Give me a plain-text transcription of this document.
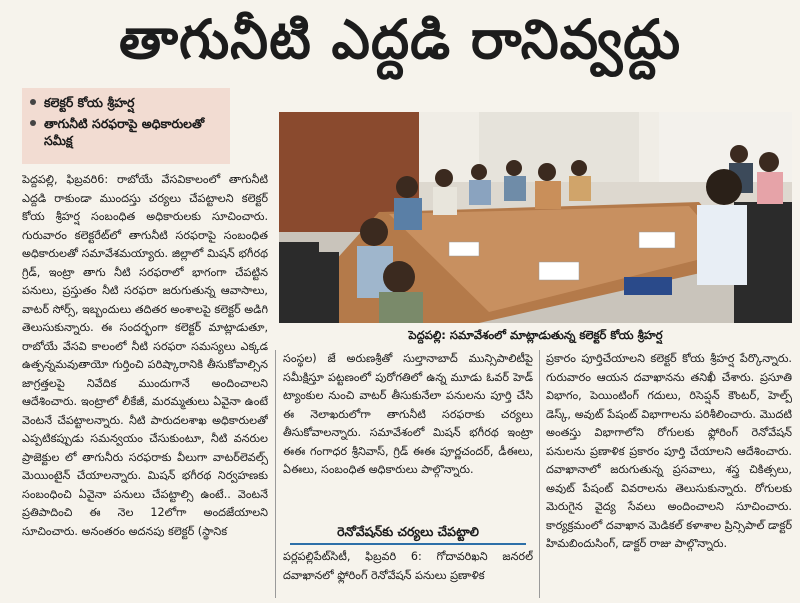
తాగునీటి ఎద్దడి రానివ్వద్దు
కలెక్టర్ కోయ శ్రీహర్ష
తాగునీటి సరఫరాపై అధికారులతో సమీక్ష
పెద్దపల్లి, ఫిబ్రవరి6: రాబోయే వేసవికాలంలో తాగునీటి ఎద్దడి రాకుండా ముందస్తు చర్యలు చేపట్టాలని కలెక్టర్ కోయ శ్రీహర్ష సంబంధిత అధికారులకు సూచించారు. గురువారం కలెక్టరేట్‌లో తాగునీటి సరఫరాపై సంబంధిత అధికారులతో సమావేశమయ్యారు. జిల్లాలో మిషన్ భగీరథ గ్రిడ్, ఇంట్రా తాగు నీటి సరఫరాలో భాగంగా చేపట్టిన పనులు, ప్రస్తుతం నీటి సరఫరా జరుగుతున్న ఆవాసాలు, వాటర్ సోర్స్, ఇబ్బందులు తదితర అంశాలపై కలెక్టర్ అడిగి తెలుసుకున్నారు. ఈ సందర్భంగా కలెక్టర్ మాట్లాడుతూ, రాబోయే వేసవి కాలంలో నీటి సరఫరా సమస్యలు ఎక్కడ ఉత్పన్నమవుతాయో గుర్తించి పరిష్కారానికి తీసుకోవాల్సిన జాగ్రత్తలపై నివేదిక ముందుగానే అందించాలని ఆదేశించారు. ఇంట్రాలో లీకేజీ, మరమ్మతులు ఏవైనా ఉంటే వెంటనే చేపట్టాలన్నారు. నీటి పారుదలశాఖ అధికారులతో ఎప్పటికప్పుడు సమన్వయం చేసుకుంటూ, నీటి వనరుల ప్రాజెక్టుల లో తాగునీరు సరఫరాకు వీలుగా వాటర్‌లెవల్స్ మెయింటైన్ చేయాలన్నారు. మిషన్ భగీరథ నిర్వహణకు సంబంధించి ఏవైనా పనులు చేపట్టాల్సి ఉంటే.. వెంటనే ప్రతిపాదించి ఈ నెల 12లోగా అందజేయాలని సూచించారు. అనంతరం అదనపు కలెక్టర్ (స్థానిక
పెద్దపల్లి: సమావేశంలో మాట్లాడుతున్న కలెక్టర్ కోయ శ్రీహర్ష
సంస్థల) జే అరుణశ్రీతో సుల్తానాబాద్ మున్సిపాలిటీపై సమీక్షిస్తూ పట్టణంలో పురోగతిలో ఉన్న మూడు ఓవర్ హెడ్ ట్యాంకుల నుంచి వాటర్ తీసుకునేలా పనులను పూర్తి చేసి ఈ నెలాఖరులోగా తాగునీటి సరఫరాకు చర్యలు తీసుకోవాలన్నారు. సమావేశంలో మిషన్ భగీరథ ఇంట్రా ఈఈ గంగాధర శ్రీనివాస్, గ్రిడ్ ఈఈ పూర్ణచందర్, డీఈలు, ఏఈలు, సంబంధిత అధికారులు పాల్గొన్నారు.
రెనోవేషన్‌కు చర్యలు చేపట్టాలి
పర్లపల్లిపేట్‌సిటీ, ఫిబ్రవరి 6: గోదావరిఖని జనరల్ దవాఖానలో ఫ్లోరింగ్ రెనోవేషన్ పనులు ప్రణాళిక
ప్రకారం పూర్తిచేయాలని కలెక్టర్ కోయ శ్రీహర్ష పేర్కొన్నారు. గురువారం ఆయన దవాఖానను తనిఖీ చేశారు. ప్రసూతి విభాగం, పెయింటింగ్ గదులు, రిసెప్షన్ కౌంటర్, హెల్ప్ డెస్క్, అవుట్ పేషంట్ విభాగాలను పరిశీలించారు. మొదటి అంతస్తు విభాగాలోని రోగులకు ఫ్లోరింగ్ రెనోవేషన్ పనులను ప్రణాళిక ప్రకారం పూర్తి చేయాలని ఆదేశించారు. దవాఖానాలో జరుగుతున్న ప్రసవాలు, శస్త్ర చికిత్సలు, అవుట్ పేషంట్ వివరాలను తెలుసుకున్నారు. రోగులకు మెరుగైన వైద్య సేవలు అందించాలని సూచించారు. కార్యక్రమంలో దవాఖాన మెడికల్ కళాశాల ప్రిన్సిపాల్ డాక్టర్ హిమబిందుసింగ్, డాక్టర్ రాజు పాల్గొన్నారు.
